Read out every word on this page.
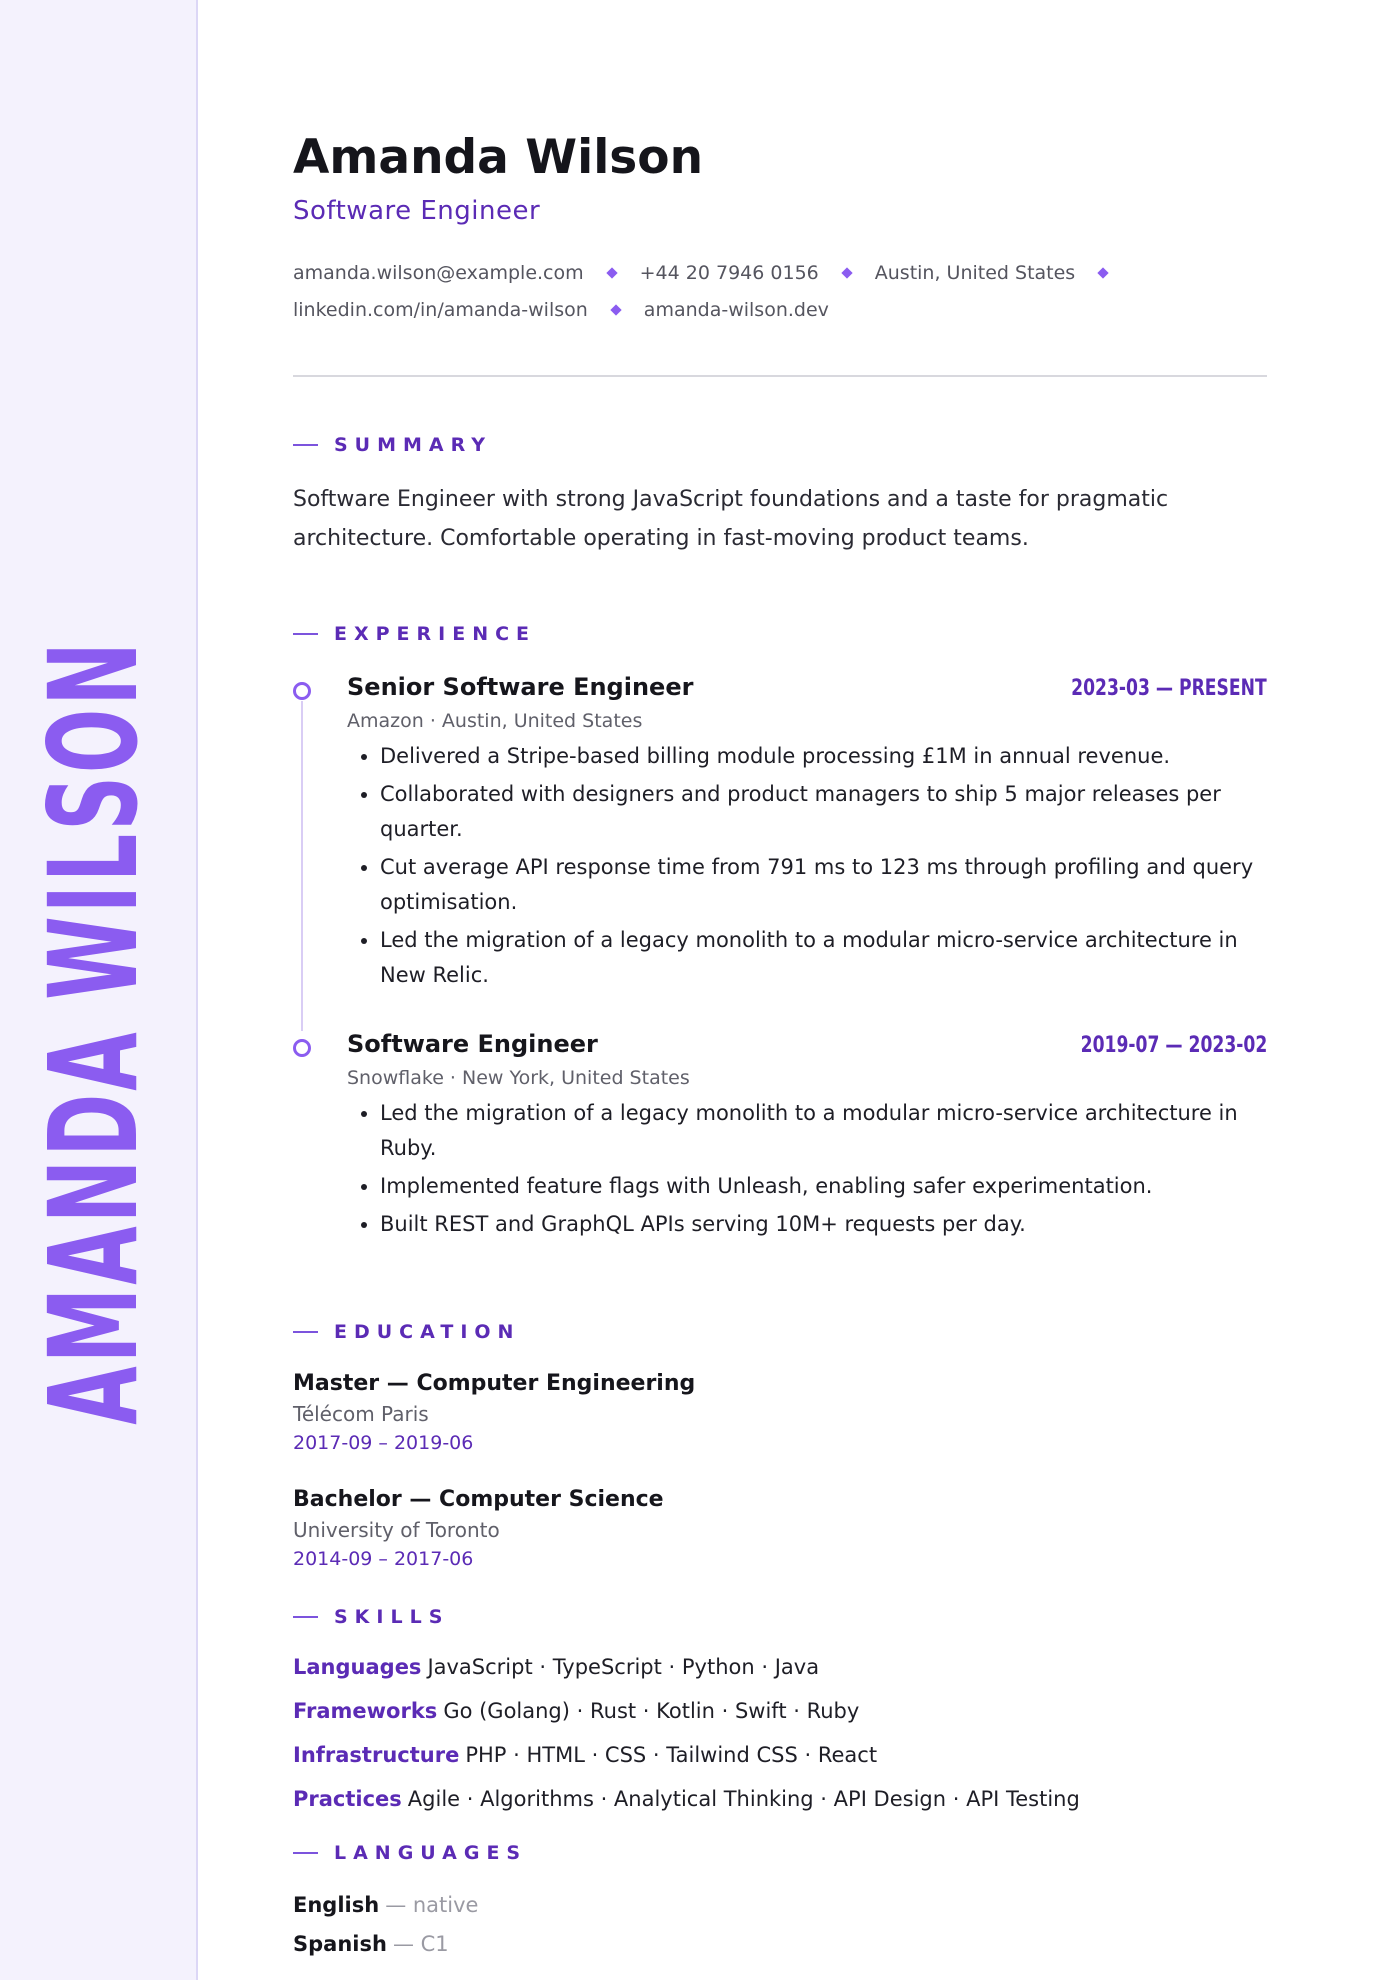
AMANDA WILSON
Amanda Wilson
Software Engineer
amanda.wilson@example.com	+44 20 7946 0156	Austin, United States
linkedin.com/in/amanda-wilson	amanda-wilson.dev
SUMMARY
Software Engineer with strong JavaScript foundations and a taste for pragmatic architecture. Comfortable operating in fast-moving product teams.
EXPERIENCE
Senior Software Engineer	2023-03 — PRESENT
Amazon · Austin, United States
• Delivered a Stripe-based billing module processing £1M in annual revenue.
• Collaborated with designers and product managers to ship 5 major releases per quarter.
• Cut average API response time from 791 ms to 123 ms through profiling and query optimisation.
• Led the migration of a legacy monolith to a modular micro-service architecture in New Relic.
Software Engineer	2019-07 — 2023-02
Snowflake · New York, United States
• Led the migration of a legacy monolith to a modular micro-service architecture in Ruby.
• Implemented feature flags with Unleash, enabling safer experimentation.
• Built REST and GraphQL APIs serving 10M+ requests per day.
EDUCATION
Master — Computer Engineering
Télécom Paris
2017-09 – 2019-06
Bachelor — Computer Science
University of Toronto
2014-09 – 2017-06
SKILLS
Languages JavaScript · TypeScript · Python · Java
Frameworks Go (Golang) · Rust · Kotlin · Swift · Ruby
Infrastructure PHP · HTML · CSS · Tailwind CSS · React
Practices Agile · Algorithms · Analytical Thinking · API Design · API Testing
LANGUAGES
English — native
Spanish — C1
